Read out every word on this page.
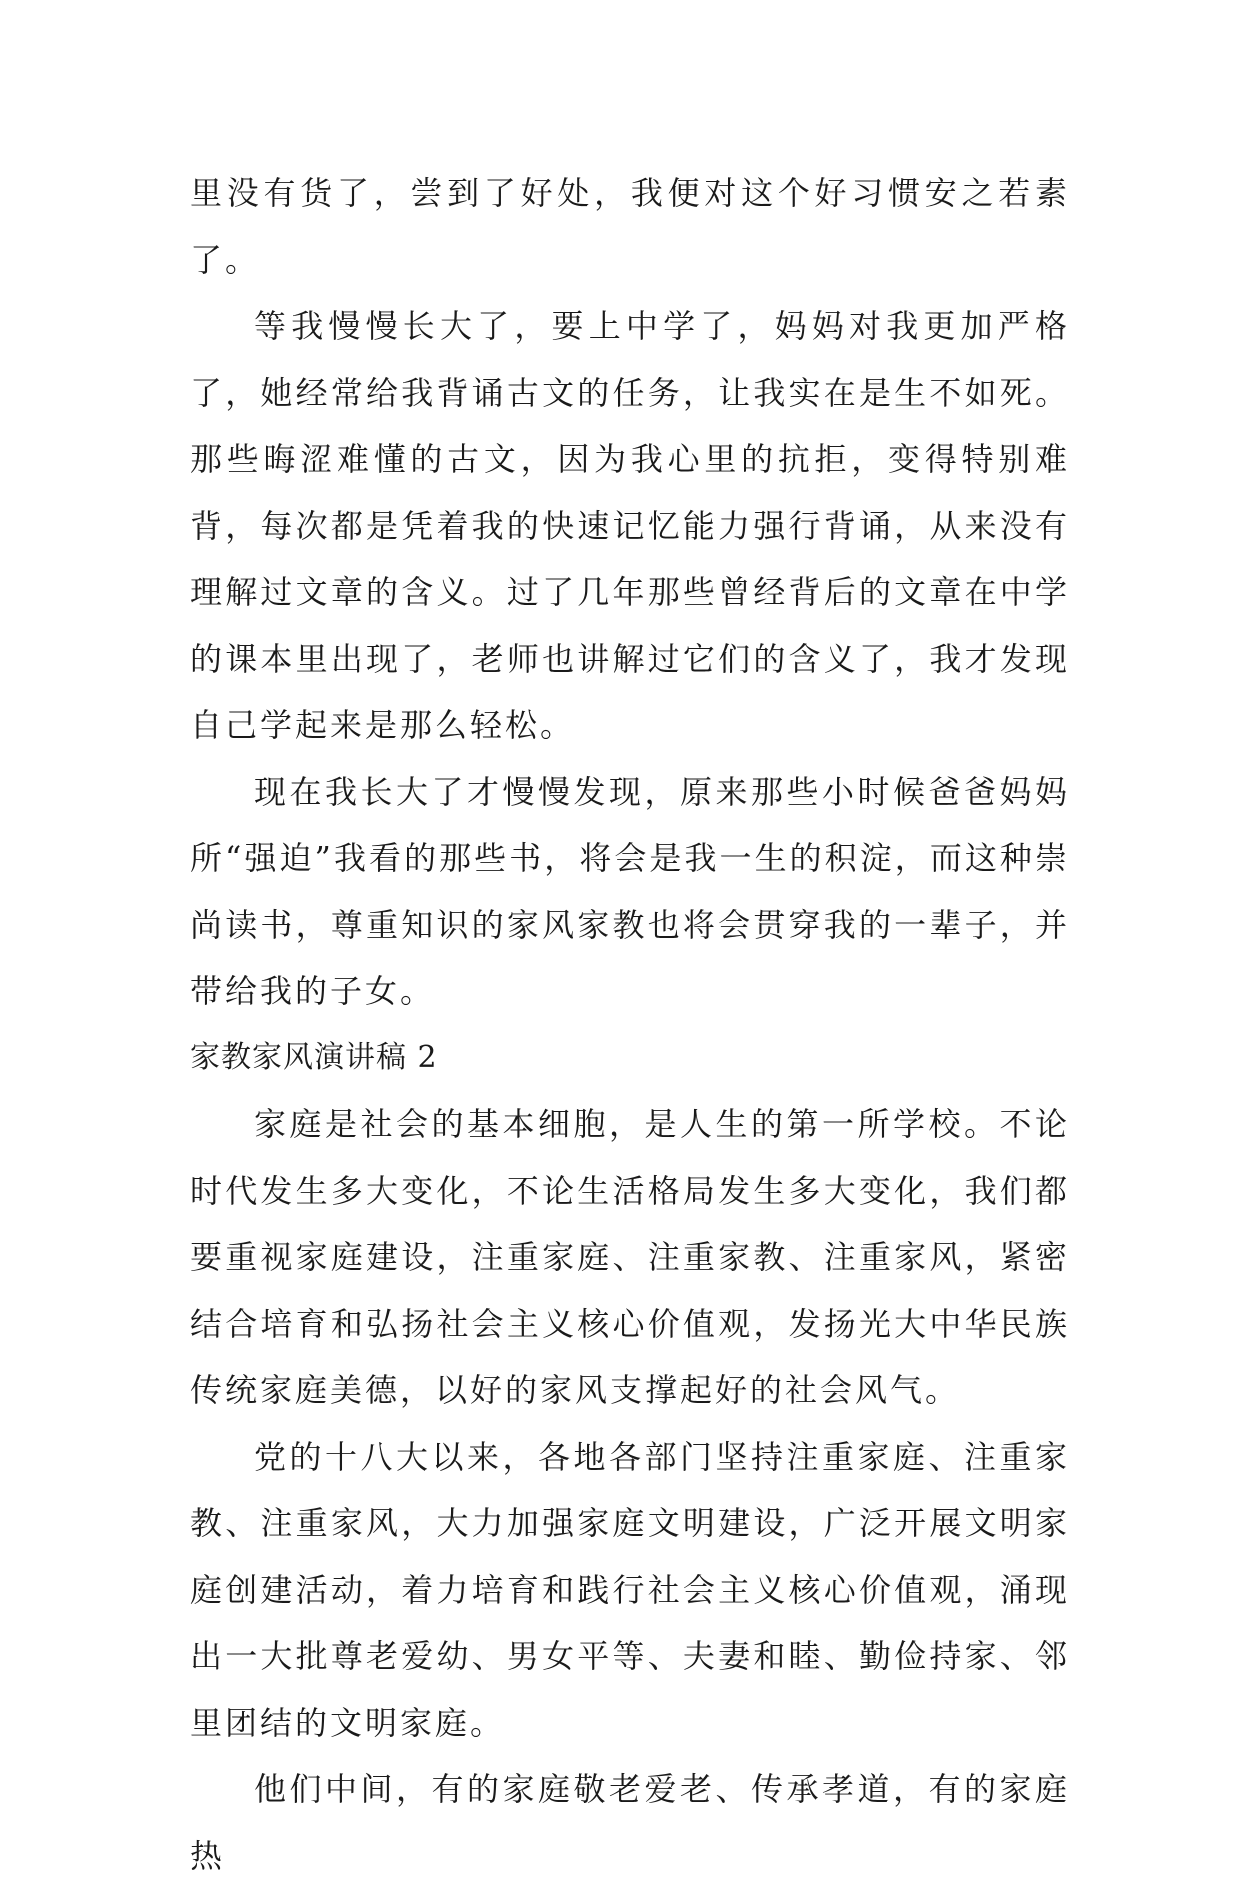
里没有货了，尝到了好处，我便对这个好习惯安之若素了。

等我慢慢长大了，要上中学了，妈妈对我更加严格了，她经常给我背诵古文的任务，让我实在是生不如死。那些晦涩难懂的古文，因为我心里的抗拒，变得特别难背，每次都是凭着我的快速记忆能力强行背诵，从来没有理解过文章的含义。过了几年那些曾经背后的文章在中学的课本里出现了，老师也讲解过它们的含义了，我才发现自己学起来是那么轻松。

现在我长大了才慢慢发现，原来那些小时候爸爸妈妈所“强迫”我看的那些书，将会是我一生的积淀，而这种崇尚读书，尊重知识的家风家教也将会贯穿我的一辈子，并带给我的子女。

家教家风演讲稿 2

家庭是社会的基本细胞，是人生的第一所学校。不论时代发生多大变化，不论生活格局发生多大变化，我们都要重视家庭建设，注重家庭、注重家教、注重家风，紧密结合培育和弘扬社会主义核心价值观，发扬光大中华民族传统家庭美德，以好的家风支撑起好的社会风气。

党的十八大以来，各地各部门坚持注重家庭、注重家教、注重家风，大力加强家庭文明建设，广泛开展文明家庭创建活动，着力培育和践行社会主义核心价值观，涌现出一大批尊老爱幼、男女平等、夫妻和睦、勤俭持家、邻里团结的文明家庭。

他们中间，有的家庭敬老爱老、传承孝道，有的家庭热
